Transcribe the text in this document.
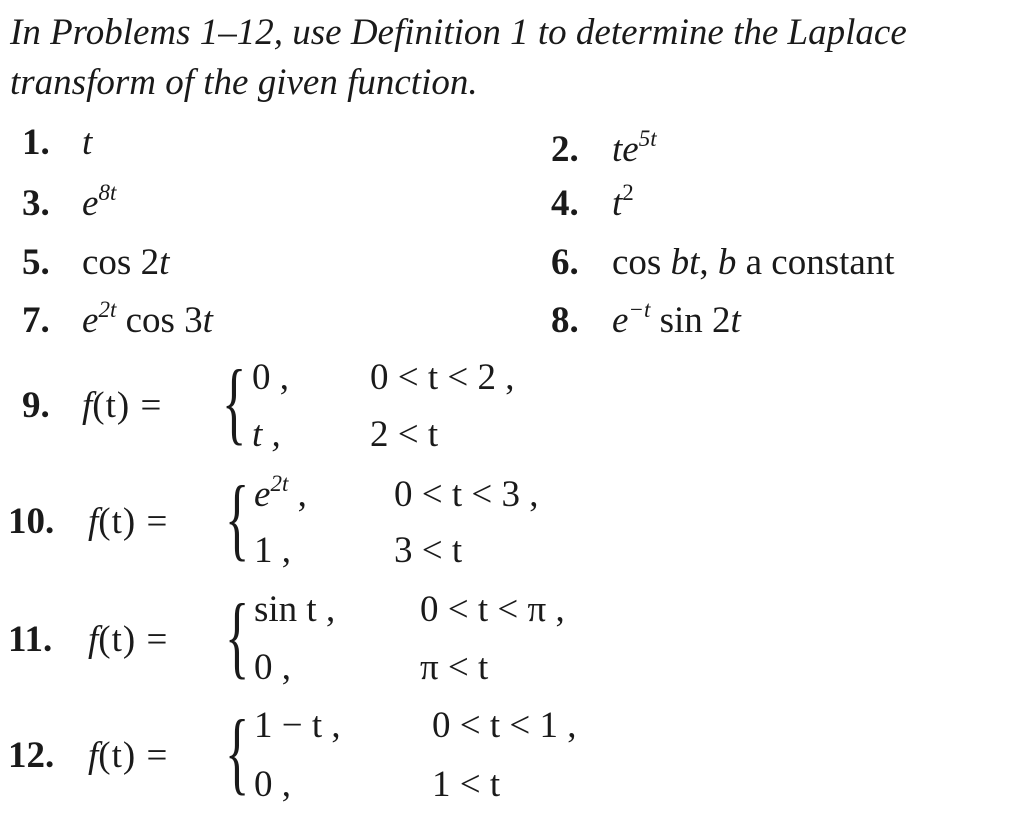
In Problems 1–12, use Definition 1 to determine the Laplace transform of the given function.
1. t	2. $te^{5t}$
3. $e^{8t}$	4. $t^2$
5. cos 2t	6. cos bt, b a constant
7. $e^{2t}$ cos 3t	8. $e^{-t}$ sin 2t
9. f(t) = { 0 , 0 < t < 2 ,
t , 2 < t
10. f(t) = { $e^{2t}$ , 0 < t < 3 ,
1 ,	3 < t
11. f(t) = { sin t , 0 < t < π ,
0 ,	π < t
12. f(t) = { 1 − t , 0 < t < 1 ,
0 ,	1 < t
